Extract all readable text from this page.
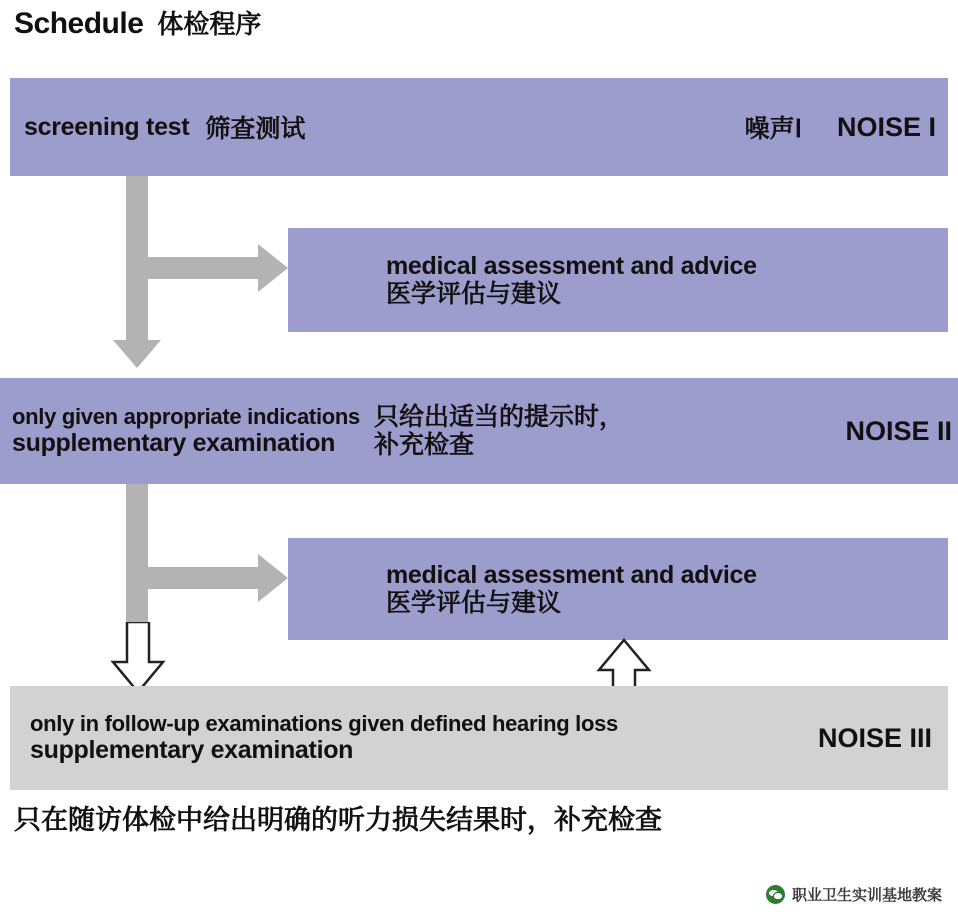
Schedule 体检程序
screening test 筛查测试	噪声Ⅰ NOISE I
medical assessment and advice
医学评估与建议
only given appropriate indications
supplementary examination
只给出适当的提示时，
补充检查	NOISE II
medical assessment and advice
医学评估与建议
only in follow-up examinations given defined hearing loss
supplementary examination	NOISE III
只在随访体检中给出明确的听力损失结果时，补充检查
职业卫生实训基地教案
